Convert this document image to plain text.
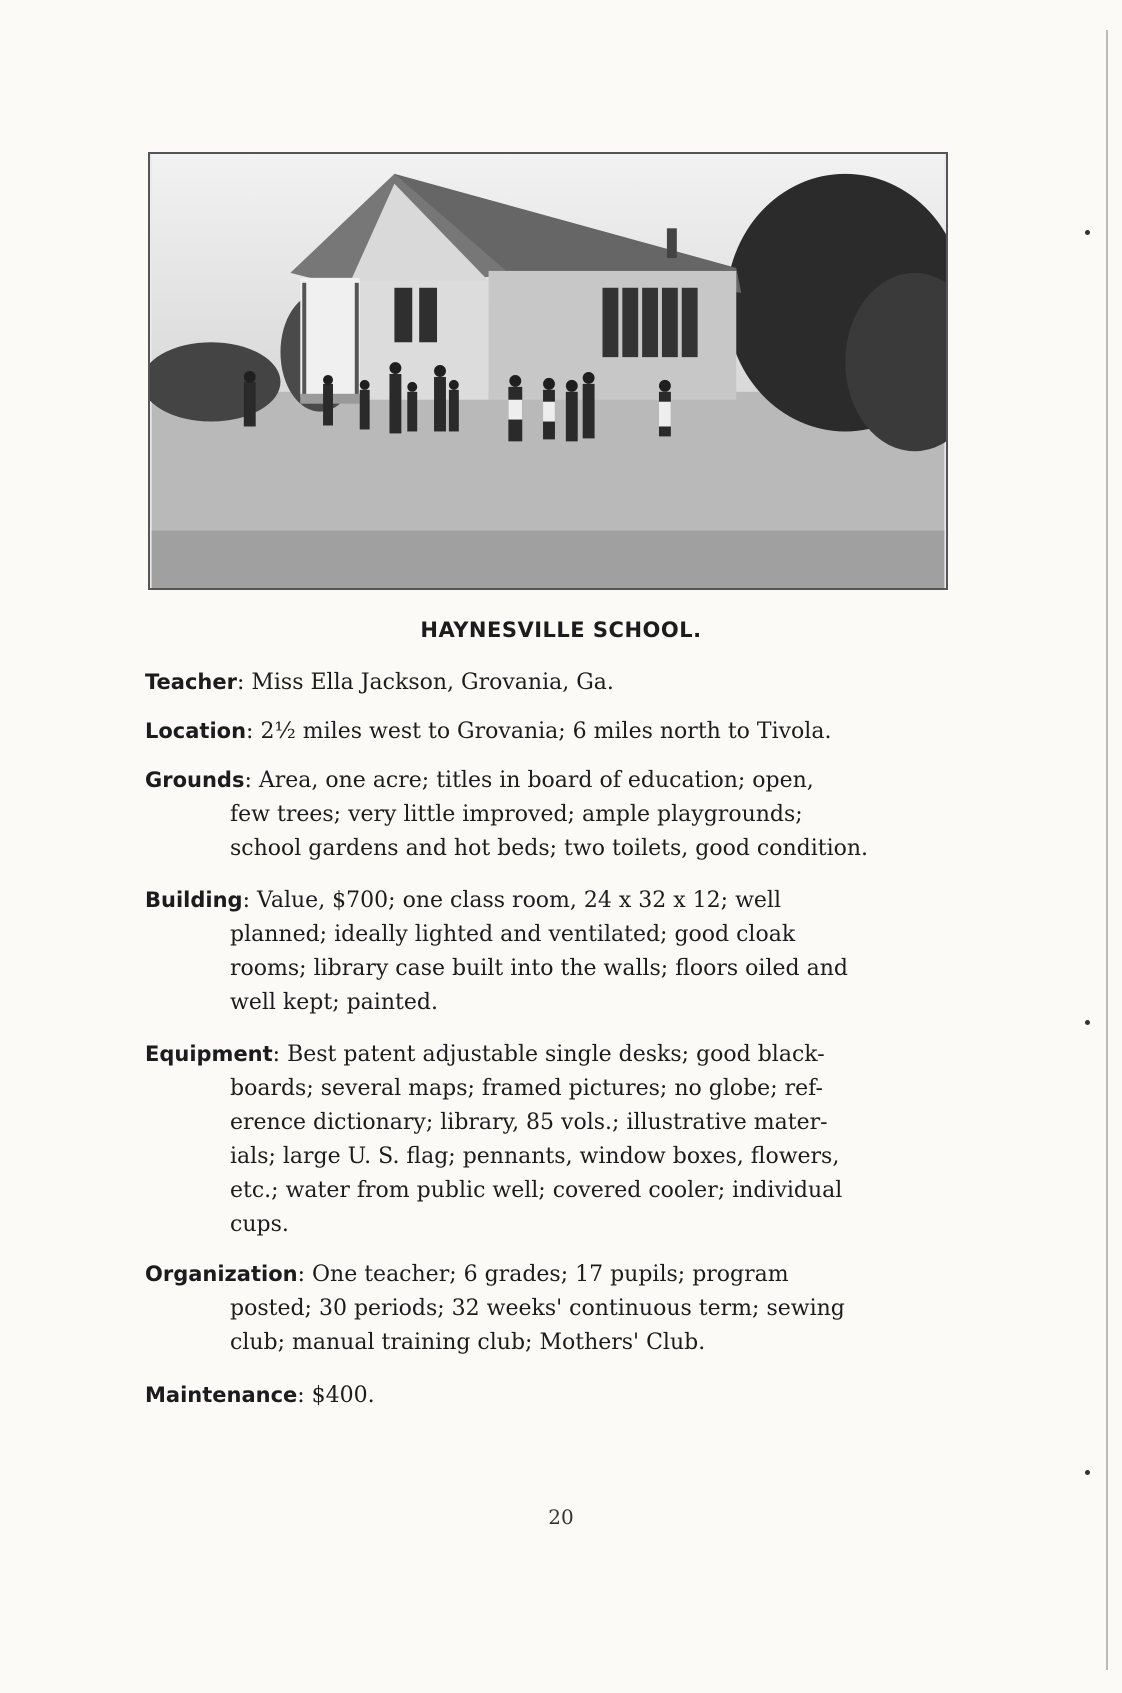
HAYNESVILLE SCHOOL.

Teacher: Miss Ella Jackson, Grovania, Ga.

Location: 2½ miles west to Grovania; 6 miles north to Tivola.

Grounds: Area, one acre; titles in board of education; open,

few trees; very little improved; ample playgrounds;

school gardens and hot beds; two toilets, good condition.

Building: Value, $700; one class room, 24 x 32 x 12; well

planned; ideally lighted and ventilated; good cloak

rooms; library case built into the walls; floors oiled and

well kept; painted.

Equipment: Best patent adjustable single desks; good black-

boards; several maps; framed pictures; no globe; ref-

erence dictionary; library, 85 vols.; illustrative mater-

ials; large U. S. flag; pennants, window boxes, flowers,

etc.; water from public well; covered cooler; individual

cups.

Organization: One teacher; 6 grades; 17 pupils; program

posted; 30 periods; 32 weeks' continuous term; sewing

club; manual training club; Mothers' Club.

Maintenance: $400.

20
